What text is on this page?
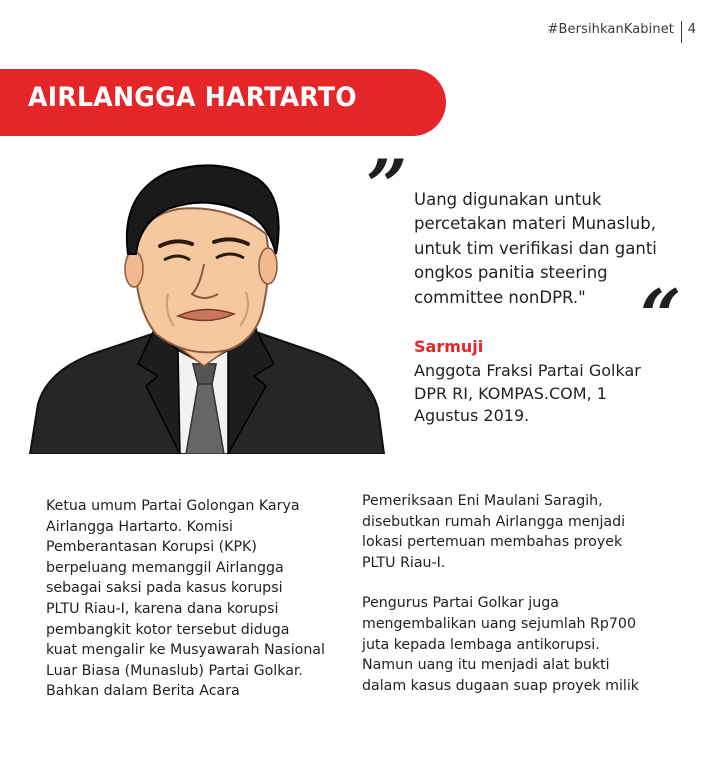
#BersihkanKabinet 4
AIRLANGGA HARTARTO
” Uang digunakan untuk
percetakan materi Munaslub,
untuk tim verifikasi dan ganti
ongkos panitia steering
committee nonDPR." “
Sarmuji
Anggota Fraksi Partai Golkar
DPR RI, KOMPAS.COM, 1
Agustus 2019.
Ketua umum Partai Golongan Karya
Airlangga Hartarto. Komisi
Pemberantasan Korupsi (KPK)
berpeluang memanggil Airlangga
sebagai saksi pada kasus korupsi
PLTU Riau-I, karena dana korupsi
pembangkit kotor tersebut diduga
kuat mengalir ke Musyawarah Nasional
Luar Biasa (Munaslub) Partai Golkar.
Bahkan dalam Berita Acara
Pemeriksaan Eni Maulani Saragih,
disebutkan rumah Airlangga menjadi
lokasi pertemuan membahas proyek
PLTU Riau-I.
Pengurus Partai Golkar juga
mengembalikan uang sejumlah Rp700
juta kepada lembaga antikorupsi.
Namun uang itu menjadi alat bukti
dalam kasus dugaan suap proyek milik
